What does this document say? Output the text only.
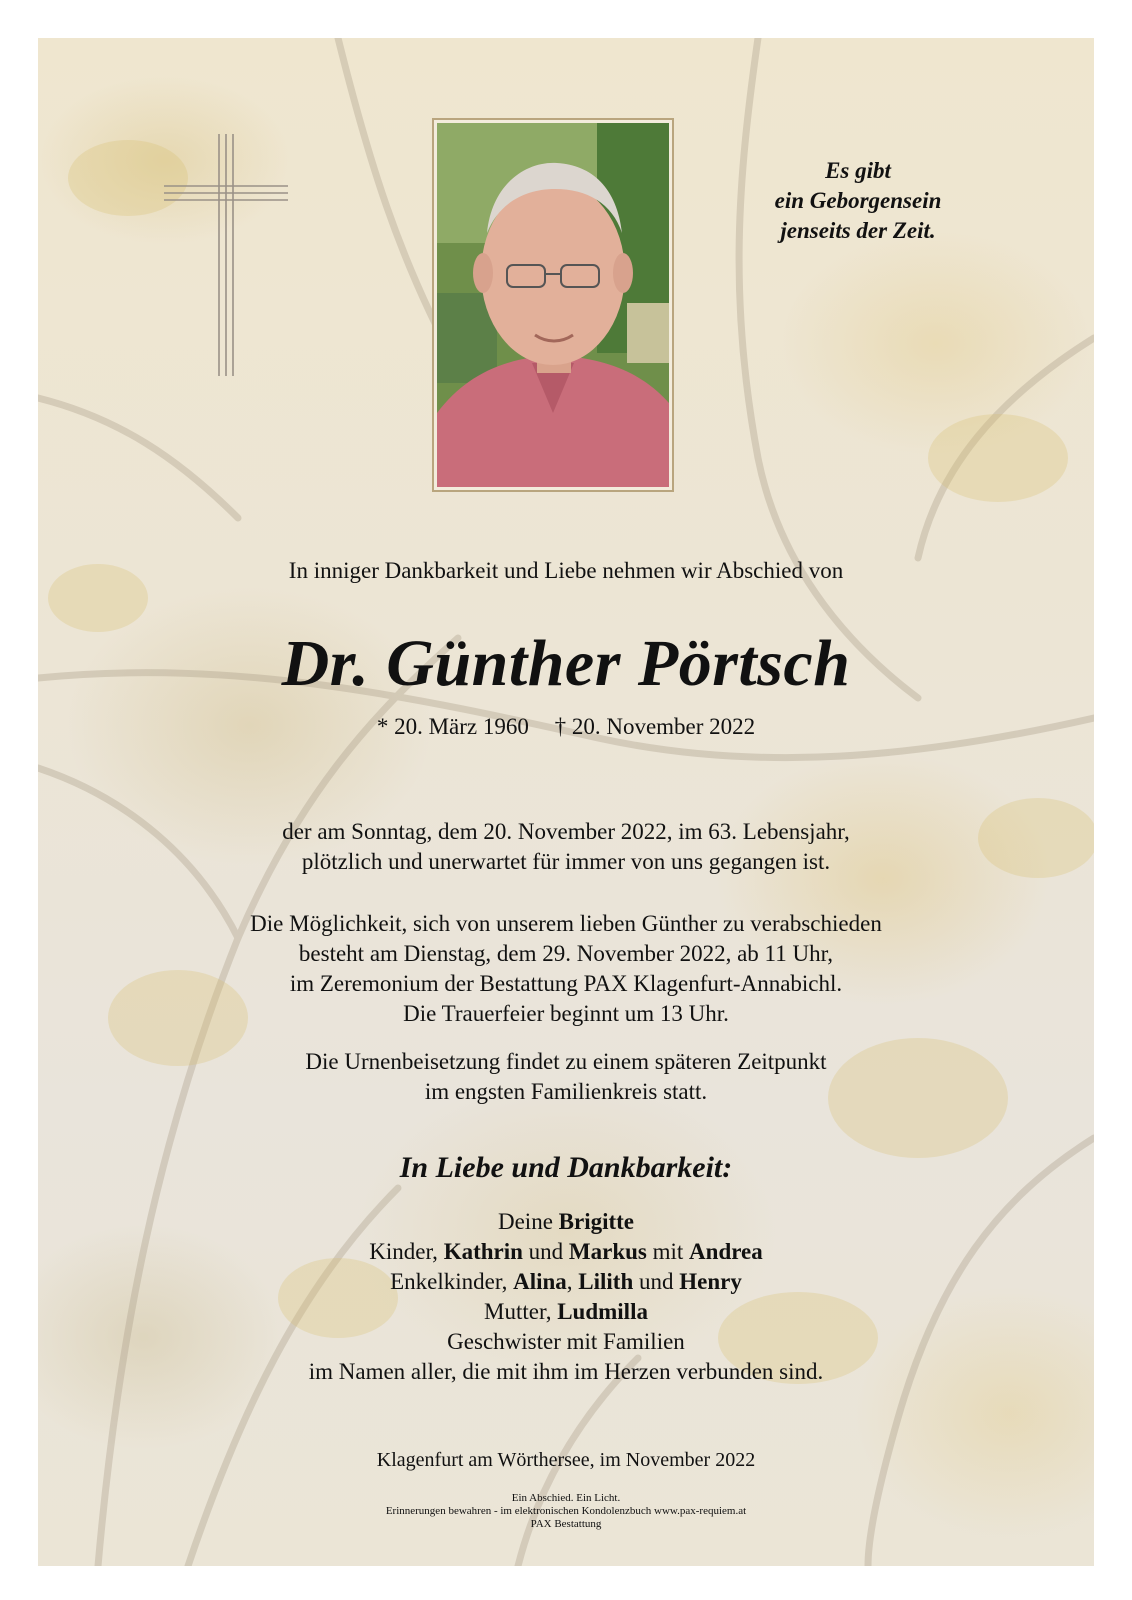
Es gibt
ein Geborgensein
jenseits der Zeit.
In inniger Dankbarkeit und Liebe nehmen wir Abschied von
Dr. Günther Pörtsch
* 20. März 1960 † 20. November 2022
der am Sonntag, dem 20. November 2022, im 63. Lebensjahr,
plötzlich und unerwartet für immer von uns gegangen ist.
Die Möglichkeit, sich von unserem lieben Günther zu verabschieden
besteht am Dienstag, dem 29. November 2022, ab 11 Uhr,
im Zeremonium der Bestattung PAX Klagenfurt-Annabichl.
Die Trauerfeier beginnt um 13 Uhr.
Die Urnenbeisetzung findet zu einem späteren Zeitpunkt
im engsten Familienkreis statt.
In Liebe und Dankbarkeit:
Deine Brigitte
Kinder, Kathrin und Markus mit Andrea
Enkelkinder, Alina, Lilith und Henry
Mutter, Ludmilla
Geschwister mit Familien
im Namen aller, die mit ihm im Herzen verbunden sind.
Klagenfurt am Wörthersee, im November 2022
Ein Abschied. Ein Licht.
Erinnerungen bewahren - im elektronischen Kondolenzbuch www.pax-requiem.at
PAX Bestattung
